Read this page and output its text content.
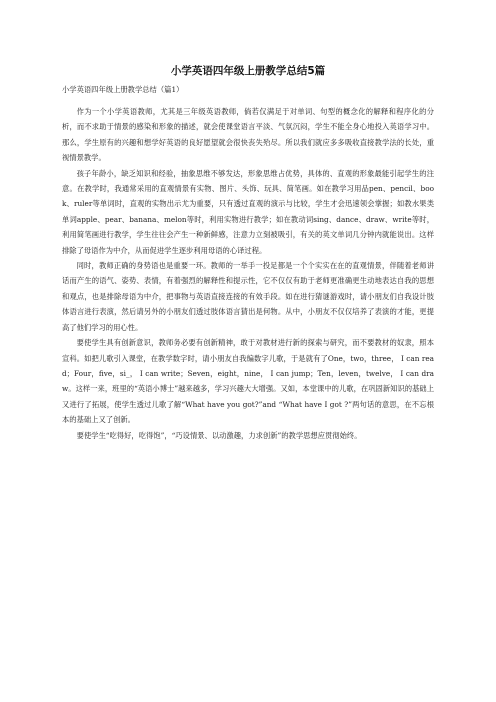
小学英语四年级上册教学总结5篇
小学英语四年级上册教学总结（篇1）

作为一个小学英语教师，尤其是三年级英语教师，倘若仅满足于对单词、句型的概念化的解释和程序化的分析，而不求助于情景的感染和形象的描述，就会使课堂语言平淡、气氛沉闷，学生不能全身心地投入英语学习中。那么，学生原有的兴趣和想学好英语的良好愿望就会很快丧失殆尽。所以我们就应多多吸收直接教学法的长处，重视情景教学。

孩子年龄小，缺乏知识和经验，抽象思维不够发达，形象思维占优势，具体的、直观的形象最能引起学生的注意。在教学时，我通常采用的直观情景有实物、图片、头饰、玩具、简笔画。如在教学习用品pen、pencil、book、ruler等单词时，直观的实物出示尤为重要，只有透过直观的演示与比较，学生才会迅速领会掌握；如教水果类单词apple、pear、banana、melon等时，利用实物进行教学；如在教动词sing、dance、draw、write等时，利用简笔画进行教学，学生往往会产生一种新鲜感，注意力立刻被吸引，有关的英文单词几分钟内就能说出。这样排除了母语作为中介，从而促进学生逐步利用母语的心译过程。

同时，教师正确的身势语也是重要一环。教师的一举手一投足都是一个个实实在在的直观情景，伴随着老师讲话而产生的语气、姿势、表情，有着强烈的解释性和提示性，它不仅仅有助于老师更准确更生动地表达自我的思想和观点，也是排除母语为中介，把事物与英语直接连接的有效手段。如在进行猜谜游戏时，请小朋友们自我设计肢体语言进行表演，然后请另外的小朋友们透过肢体语言猜出是何物。从中，小朋友不仅仅培养了表演的才能，更提高了他们学习的用心性。

要使学生具有创新意识，教师务必要有创新精神，敢于对教材进行新的探索与研究，而不要教材的奴隶，照本宣科。如把儿歌引入课堂，在教学数字时，请小朋友自我编数字儿歌，于是就有了One，two，three， I can read；Four，five，si_， I can write；Seven，eight，nine， I can jump；Ten，leven，twelve， I can draw。这样一来，班里的“英语小博士”越来越多，学习兴趣大大增强。又如，本堂课中的儿歌，在巩固新知识的基础上又进行了拓展，使学生透过儿歌了解“What have you got?”and “What have I got ?”两句话的意思，在不忘根本的基础上又了创新。

要使学生“吃得好，吃得饱”，“巧设情景、以动激趣，力求创新”的教学思想应贯彻始终。
